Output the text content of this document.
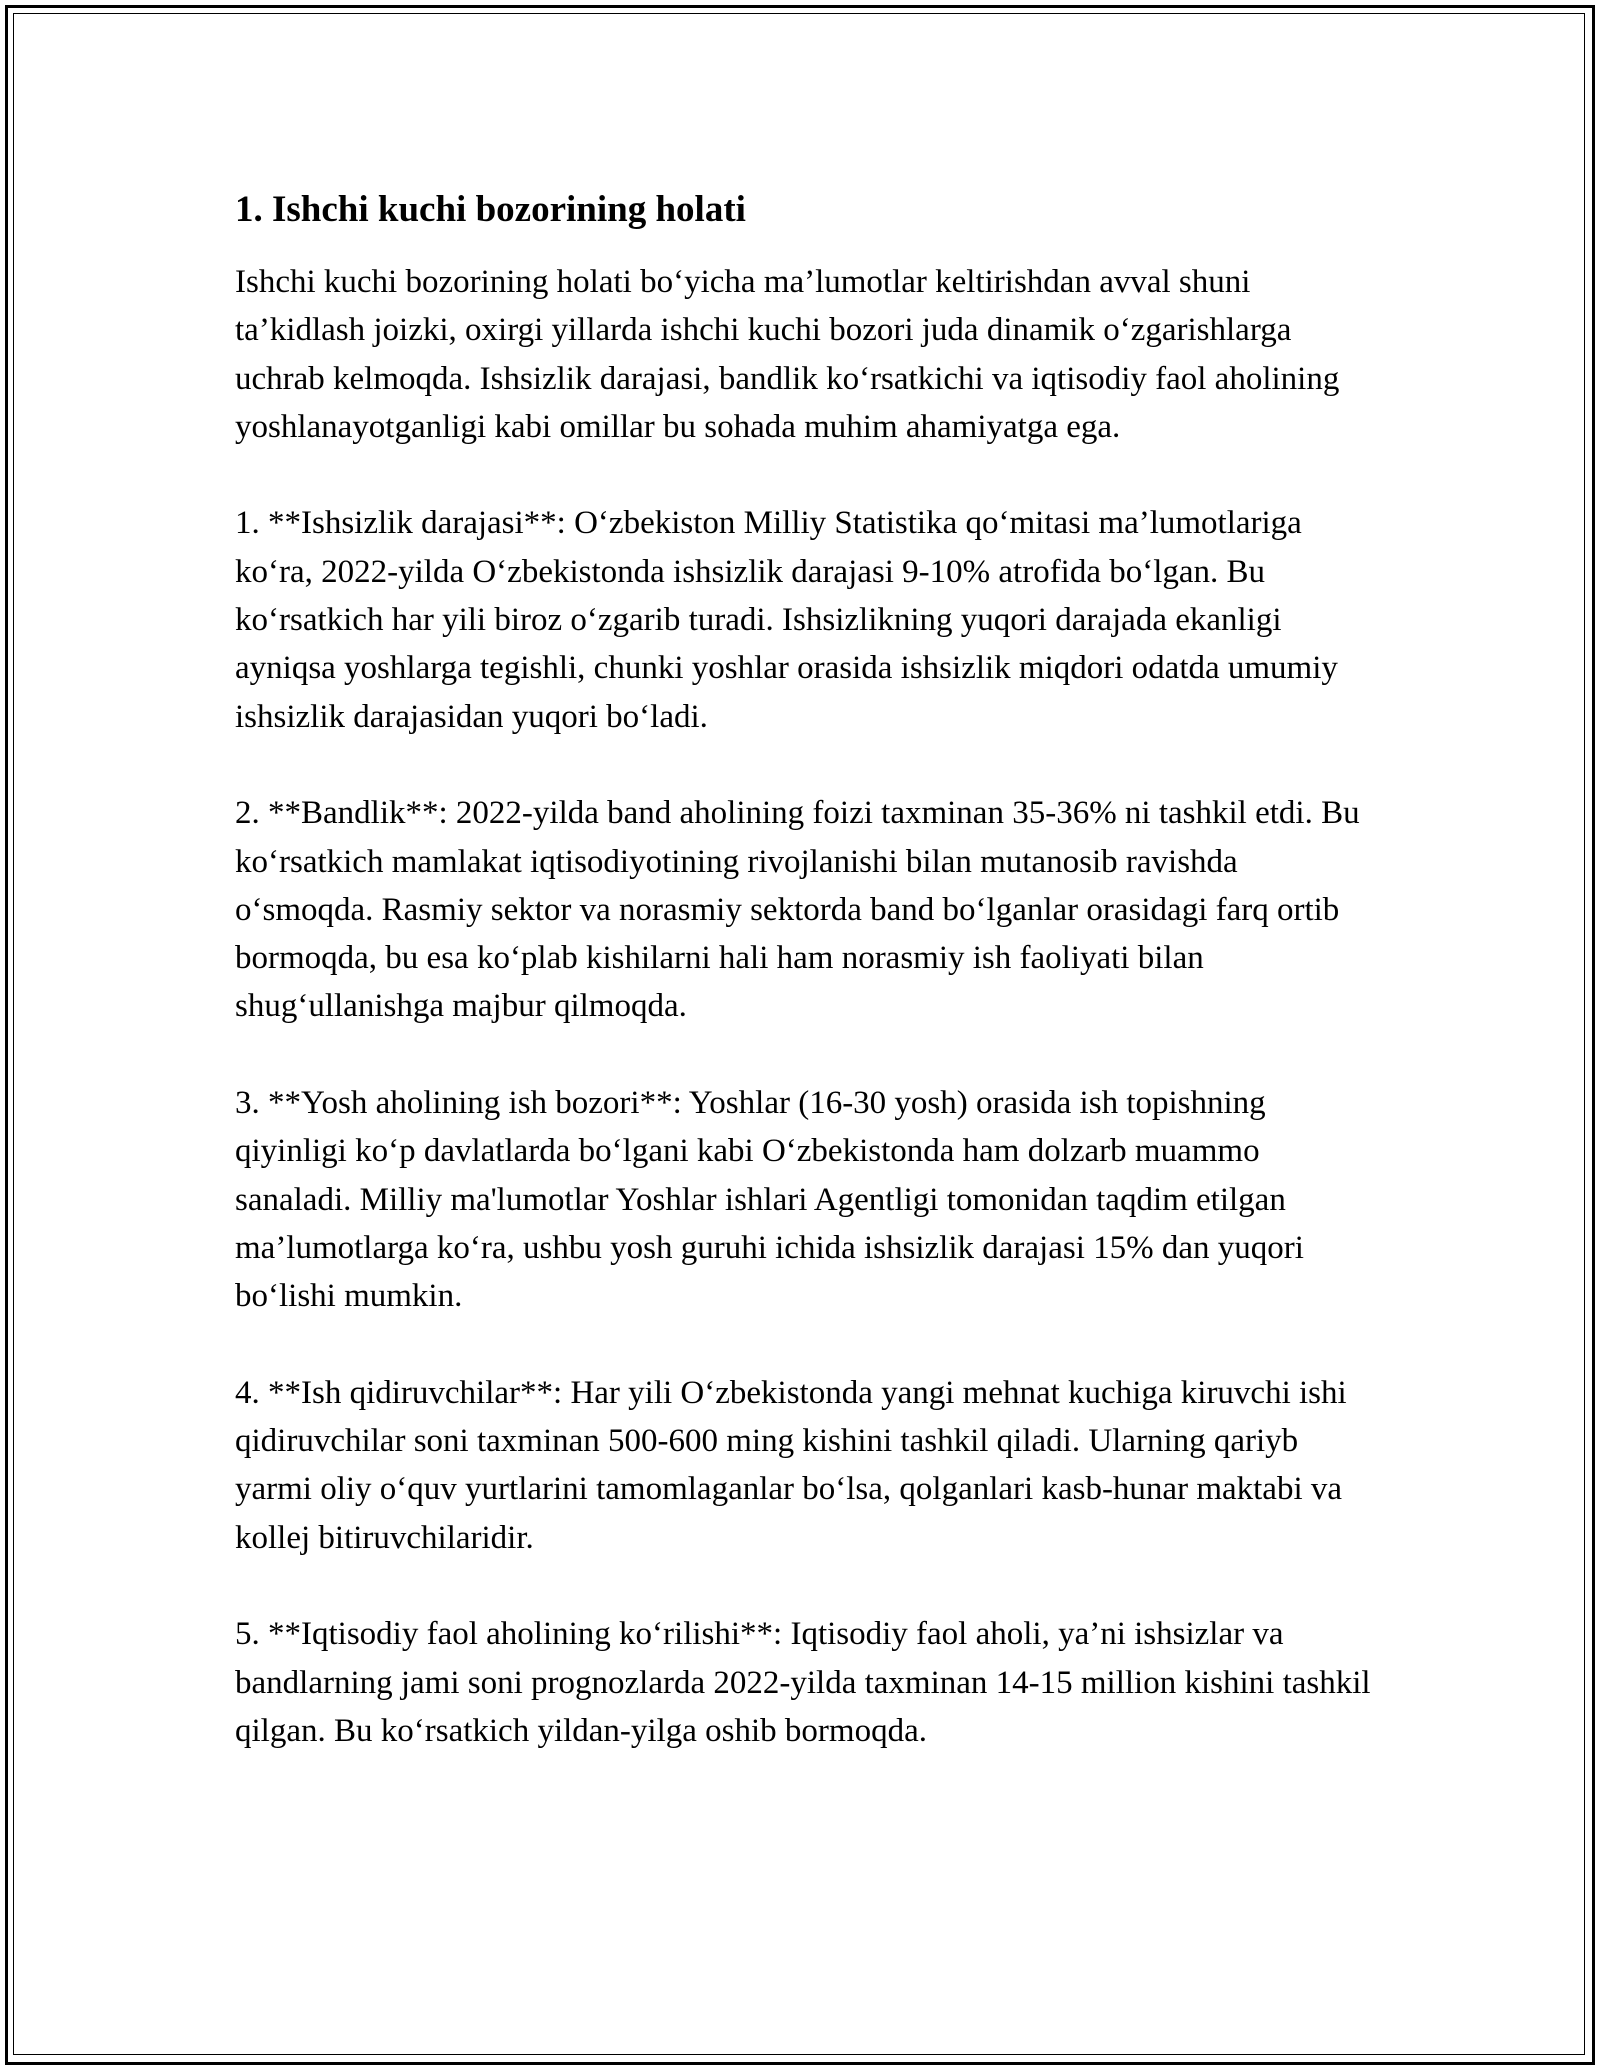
1. Ishchi kuchi bozorining holati

Ishchi kuchi bozorining holati bo‘yicha ma’lumotlar keltirishdan avval shuni ta’kidlash joizki, oxirgi yillarda ishchi kuchi bozori juda dinamik o‘zgarishlarga uchrab kelmoqda. Ishsizlik darajasi, bandlik ko‘rsatkichi va iqtisodiy faol aholining yoshlanayotganligi kabi omillar bu sohada muhim ahamiyatga ega.

1. **Ishsizlik darajasi**: O‘zbekiston Milliy Statistika qo‘mitasi ma’lumotlariga ko‘ra, 2022-yilda O‘zbekistonda ishsizlik darajasi 9-10% atrofida bo‘lgan. Bu ko‘rsatkich har yili biroz o‘zgarib turadi. Ishsizlikning yuqori darajada ekanligi ayniqsa yoshlarga tegishli, chunki yoshlar orasida ishsizlik miqdori odatda umumiy ishsizlik darajasidan yuqori bo‘ladi.

2. **Bandlik**: 2022-yilda band aholining foizi taxminan 35-36% ni tashkil etdi. Bu ko‘rsatkich mamlakat iqtisodiyotining rivojlanishi bilan mutanosib ravishda o‘smoqda. Rasmiy sektor va norasmiy sektorda band bo‘lganlar orasidagi farq ortib bormoqda, bu esa ko‘plab kishilarni hali ham norasmiy ish faoliyati bilan shug‘ullanishga majbur qilmoqda.

3. **Yosh aholining ish bozori**: Yoshlar (16-30 yosh) orasida ish topishning qiyinligi ko‘p davlatlarda bo‘lgani kabi O‘zbekistonda ham dolzarb muammo sanaladi. Milliy ma'lumotlar Yoshlar ishlari Agentligi tomonidan taqdim etilgan ma’lumotlarga ko‘ra, ushbu yosh guruhi ichida ishsizlik darajasi 15% dan yuqori bo‘lishi mumkin.

4. **Ish qidiruvchilar**: Har yili O‘zbekistonda yangi mehnat kuchiga kiruvchi ishi qidiruvchilar soni taxminan 500-600 ming kishini tashkil qiladi. Ularning qariyb yarmi oliy o‘quv yurtlarini tamomlaganlar bo‘lsa, qolganlari kasb-hunar maktabi va kollej bitiruvchilaridir.

5. **Iqtisodiy faol aholining ko‘rilishi**: Iqtisodiy faol aholi, ya’ni ishsizlar va bandlarning jami soni prognozlarda 2022-yilda taxminan 14-15 million kishini tashkil qilgan. Bu ko‘rsatkich yildan-yilga oshib bormoqda.
